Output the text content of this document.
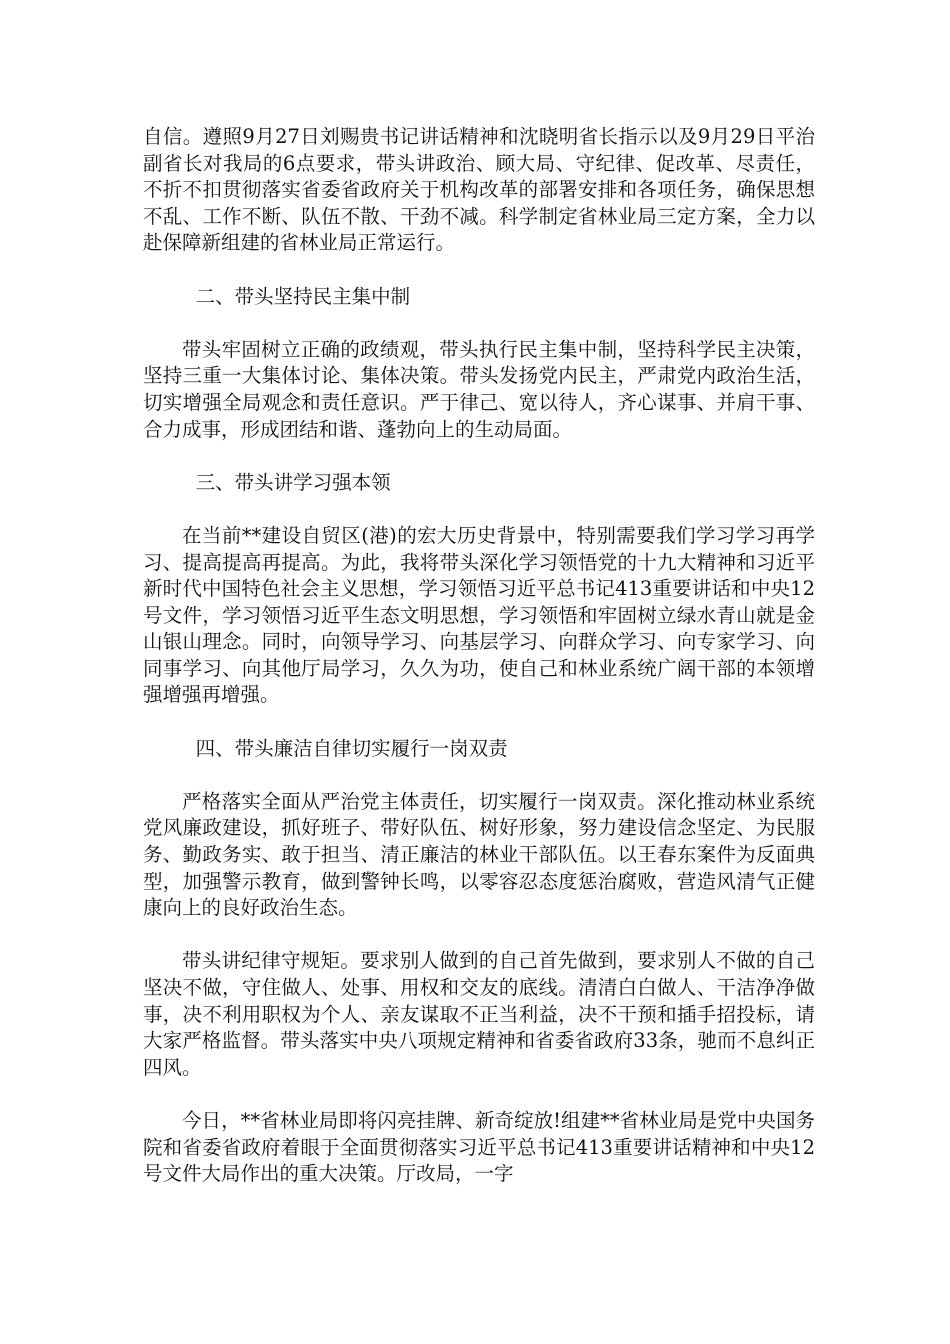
自信。遵照9月27日刘赐贵书记讲话精神和沈晓明省长指示以及9月29日平治副省长对我局的6点要求，带头讲政治、顾大局、守纪律、促改革、尽责任，不折不扣贯彻落实省委省政府关于机构改革的部署安排和各项任务，确保思想不乱、工作不断、队伍不散、干劲不减。科学制定省林业局三定方案，全力以赴保障新组建的省林业局正常运行。

二、带头坚持民主集中制

带头牢固树立正确的政绩观，带头执行民主集中制，坚持科学民主决策，坚持三重一大集体讨论、集体决策。带头发扬党内民主，严肃党内政治生活，切实增强全局观念和责任意识。严于律己、宽以待人，齐心谋事、并肩干事、合力成事，形成团结和谐、蓬勃向上的生动局面。

三、带头讲学习强本领

在当前**建设自贸区(港)的宏大历史背景中，特别需要我们学习学习再学习、提高提高再提高。为此，我将带头深化学习领悟党的十九大精神和习近平新时代中国特色社会主义思想，学习领悟习近平总书记413重要讲话和中央12号文件，学习领悟习近平生态文明思想，学习领悟和牢固树立绿水青山就是金山银山理念。同时，向领导学习、向基层学习、向群众学习、向专家学习、向同事学习、向其他厅局学习，久久为功，使自己和林业系统广阔干部的本领增强增强再增强。

四、带头廉洁自律切实履行一岗双责

严格落实全面从严治党主体责任，切实履行一岗双责。深化推动林业系统党风廉政建设，抓好班子、带好队伍、树好形象，努力建设信念坚定、为民服务、勤政务实、敢于担当、清正廉洁的林业干部队伍。以王春东案件为反面典型，加强警示教育，做到警钟长鸣，以零容忍态度惩治腐败，营造风清气正健康向上的良好政治生态。

带头讲纪律守规矩。要求别人做到的自己首先做到，要求别人不做的自己坚决不做，守住做人、处事、用权和交友的底线。清清白白做人、干洁净净做事，决不利用职权为个人、亲友谋取不正当利益，决不干预和插手招投标，请大家严格监督。带头落实中央八项规定精神和省委省政府33条，驰而不息纠正四风。

今日，**省林业局即将闪亮挂牌、新奇绽放!组建**省林业局是党中央国务院和省委省政府着眼于全面贯彻落实习近平总书记413重要讲话精神和中央12号文件大局作出的重大决策。厅改局，一字
